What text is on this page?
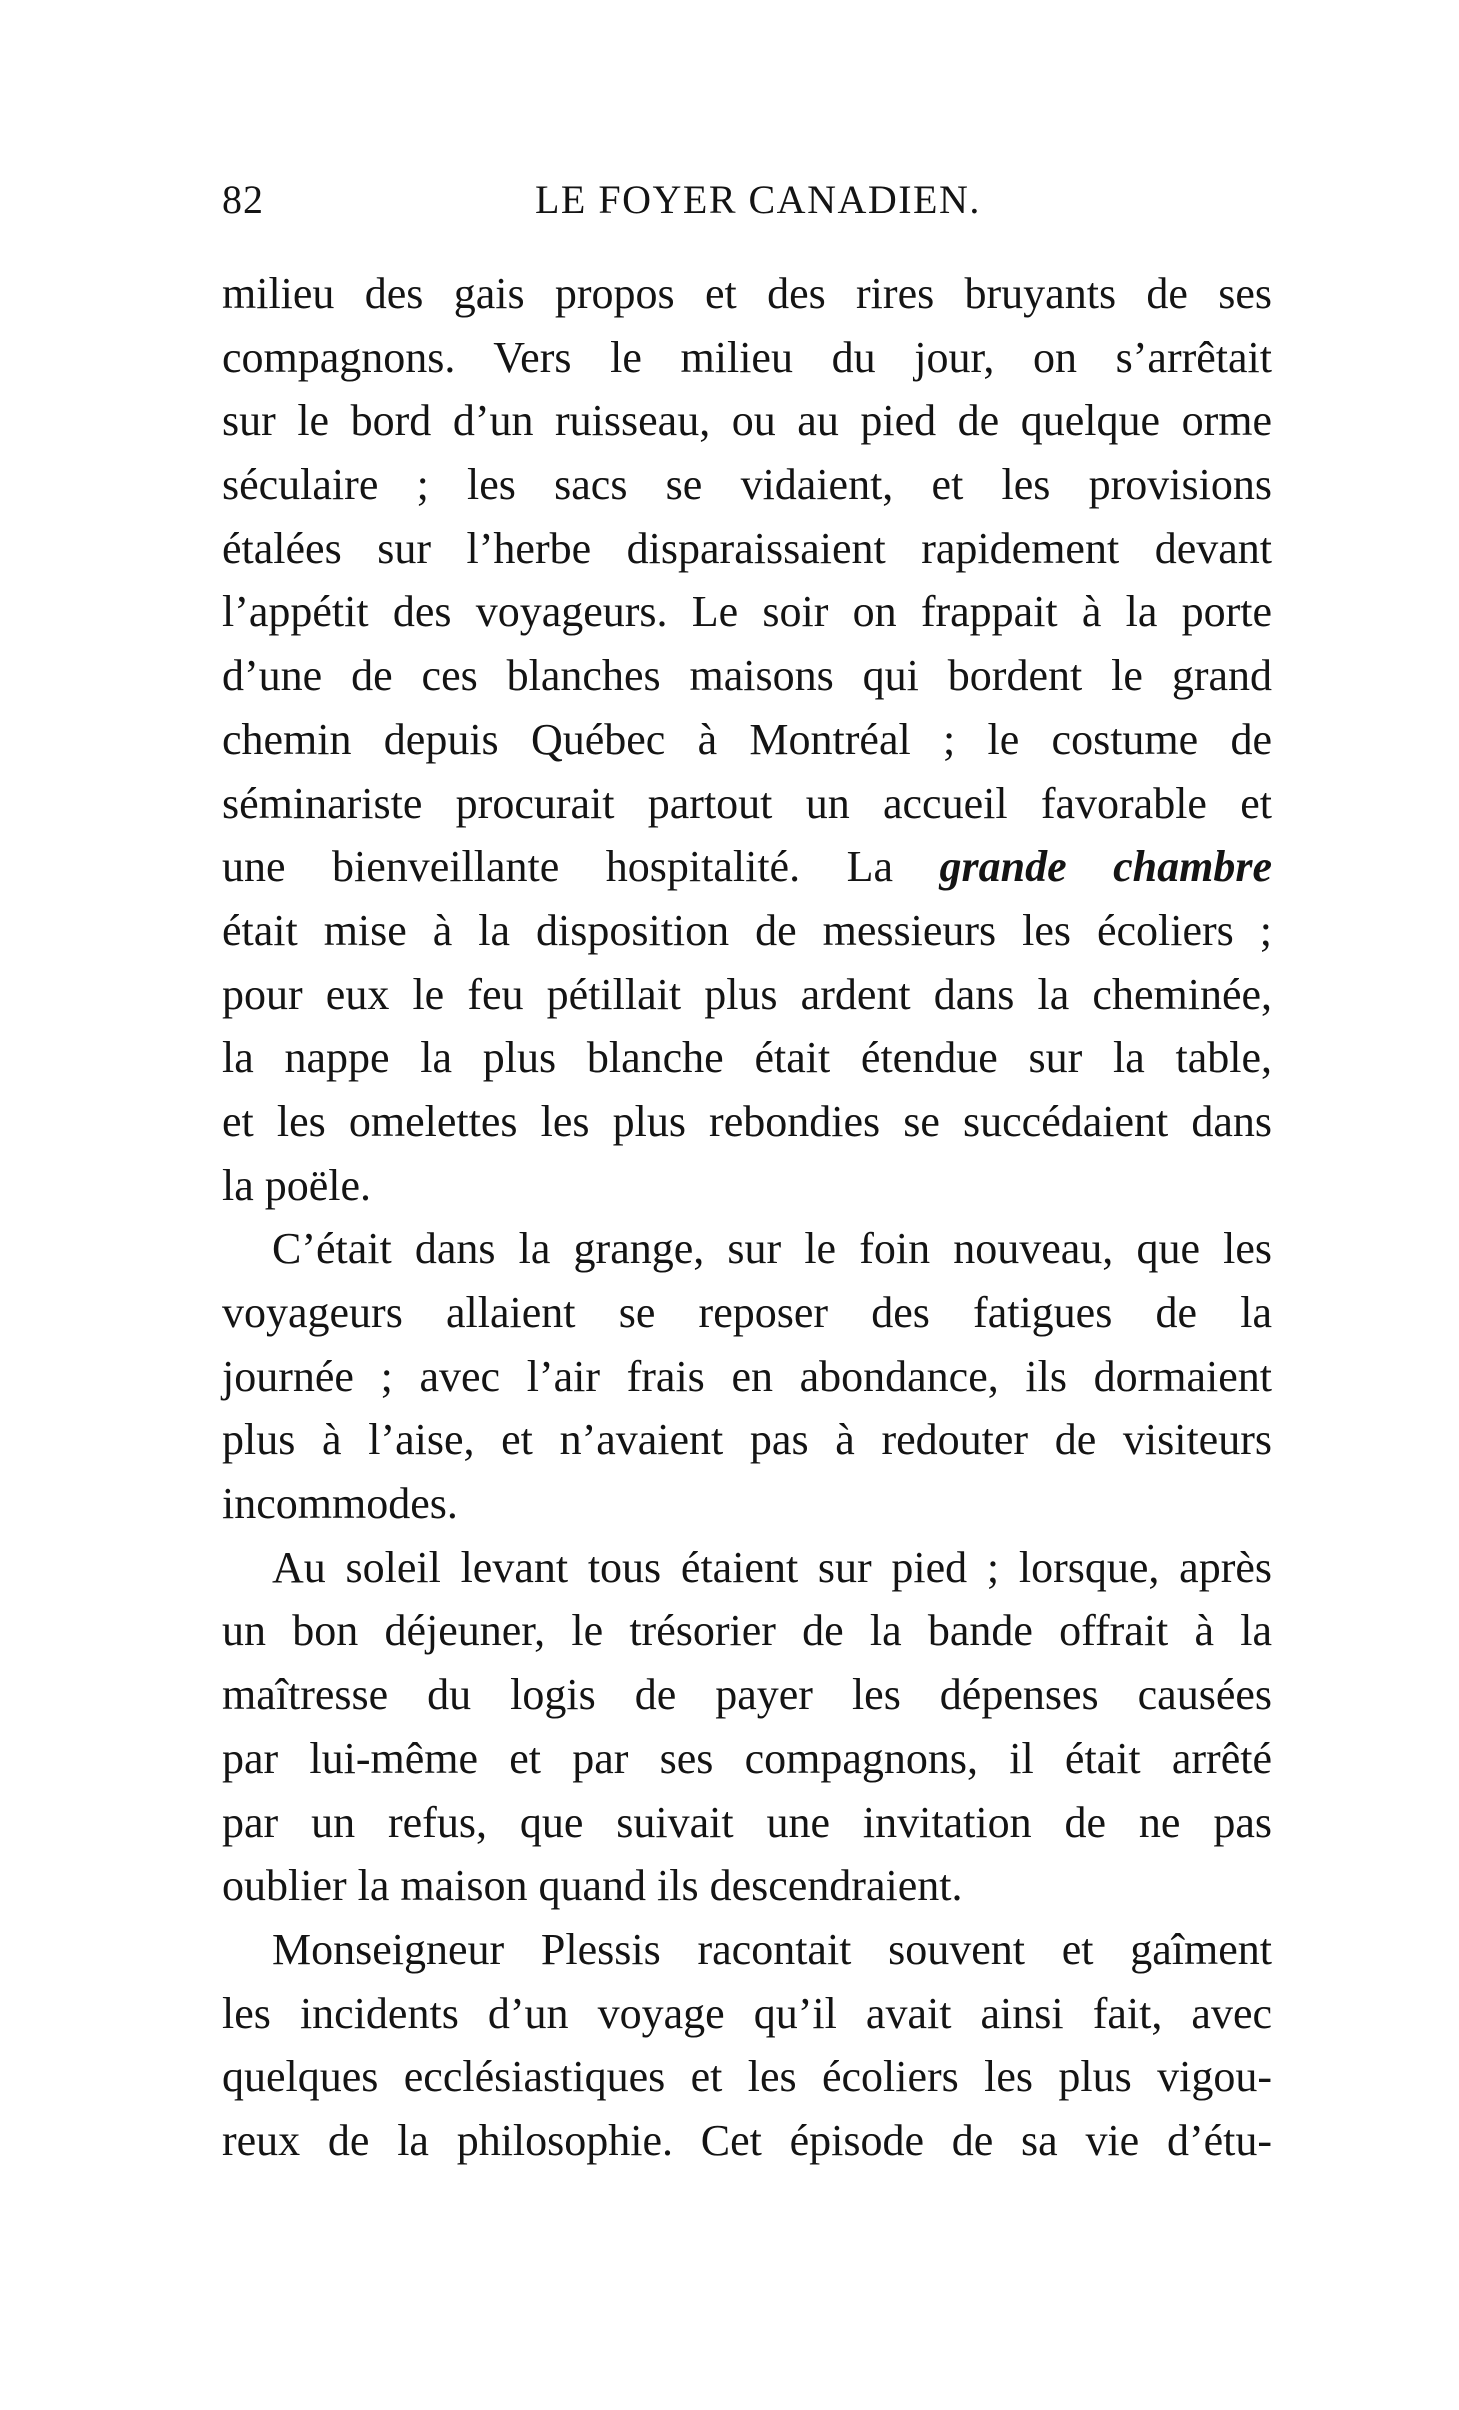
82	LE FOYER CANADIEN.
milieu des gais propos et des rires bruyants de ses
compagnons. Vers le milieu du jour, on s’arrêtait
sur le bord d’un ruisseau, ou au pied de quelque orme
séculaire ; les sacs se vidaient, et les provisions
étalées sur l’herbe disparaissaient rapidement devant
l’appétit des voyageurs. Le soir on frappait à la porte
d’une de ces blanches maisons qui bordent le grand
chemin depuis Québec à Montréal ; le costume de
séminariste procurait partout un accueil favorable et
une bienveillante hospitalité. La grande chambre
était mise à la disposition de messieurs les écoliers ;
pour eux le feu pétillait plus ardent dans la cheminée,
la nappe la plus blanche était étendue sur la table,
et les omelettes les plus rebondies se succédaient dans
la poële.
C’était dans la grange, sur le foin nouveau, que les
voyageurs allaient se reposer des fatigues de la
journée ; avec l’air frais en abondance, ils dormaient
plus à l’aise, et n’avaient pas à redouter de visiteurs
incommodes.
Au soleil levant tous étaient sur pied ; lorsque, après
un bon déjeuner, le trésorier de la bande offrait à la
maîtresse du logis de payer les dépenses causées
par lui-même et par ses compagnons, il était arrêté
par un refus, que suivait une invitation de ne pas
oublier la maison quand ils descendraient.
Monseigneur Plessis racontait souvent et gaîment
les incidents d’un voyage qu’il avait ainsi fait, avec
quelques ecclésiastiques et les écoliers les plus vigou-
reux de la philosophie. Cet épisode de sa vie d’étu-
